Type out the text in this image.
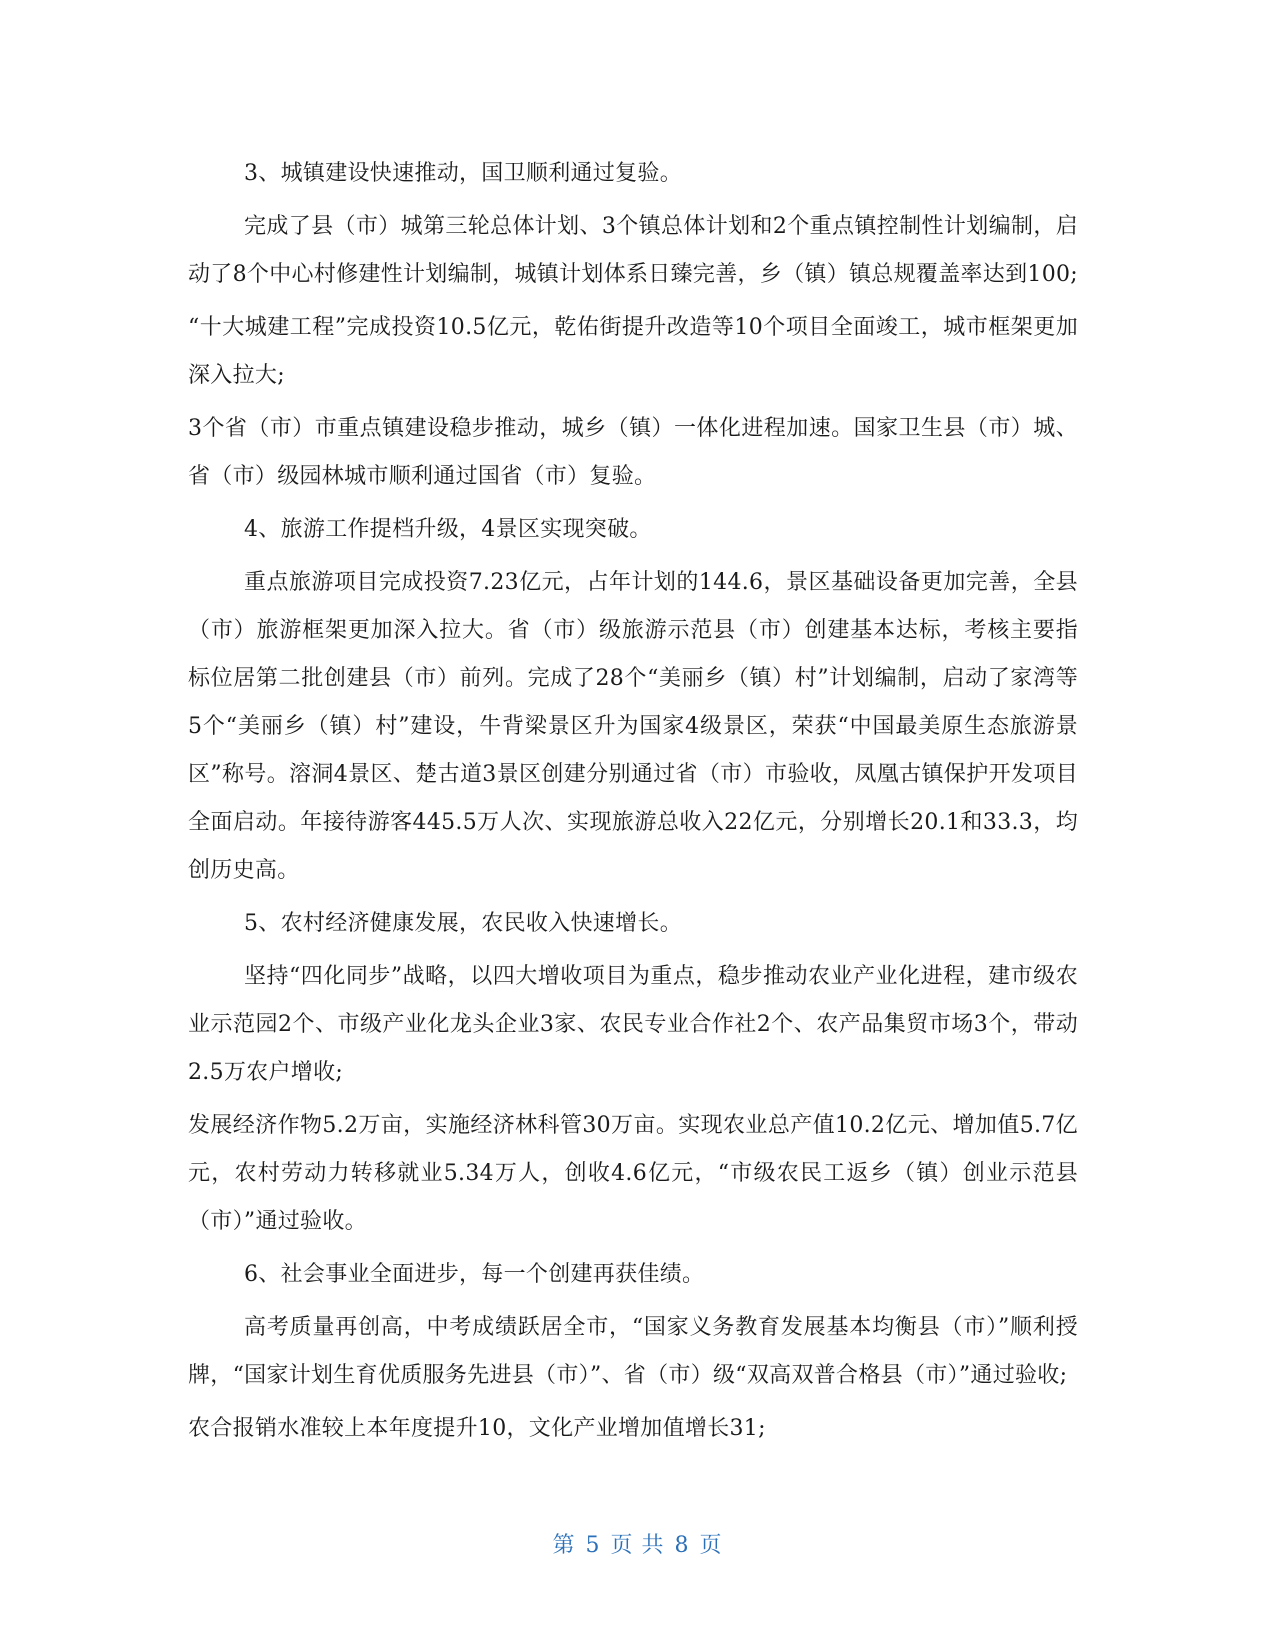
3、城镇建设快速推动，国卫顺利通过复验。

完成了县（市）城第三轮总体计划、3个镇总体计划和2个重点镇控制性计划编制，启动了8个中心村修建性计划编制，城镇计划体系日臻完善，乡（镇）镇总规覆盖率达到100;

“十大城建工程”完成投资10.5亿元，乾佑街提升改造等10个项目全面竣工，城市框架更加深入拉大;

3个省（市）市重点镇建设稳步推动，城乡（镇）一体化进程加速。国家卫生县（市）城、省（市）级园林城市顺利通过国省（市）复验。

4、旅游工作提档升级，4景区实现突破。

重点旅游项目完成投资7.23亿元，占年计划的144.6，景区基础设备更加完善，全县（市）旅游框架更加深入拉大。省（市）级旅游示范县（市）创建基本达标，考核主要指标位居第二批创建县（市）前列。完成了28个“美丽乡（镇）村”计划编制，启动了家湾等5个“美丽乡（镇）村”建设，牛背梁景区升为国家4级景区，荣获“中国最美原生态旅游景区”称号。溶洞4景区、楚古道3景区创建分别通过省（市）市验收，凤凰古镇保护开发项目全面启动。年接待游客445.5万人次、实现旅游总收入22亿元，分别增长20.1和33.3，均创历史高。

5、农村经济健康发展，农民收入快速增长。

坚持“四化同步”战略，以四大增收项目为重点，稳步推动农业产业化进程，建市级农业示范园2个、市级产业化龙头企业3家、农民专业合作社2个、农产品集贸市场3个，带动2.5万农户增收;

发展经济作物5.2万亩，实施经济林科管30万亩。实现农业总产值10.2亿元、增加值5.7亿元，农村劳动力转移就业5.34万人，创收4.6亿元，“市级农民工返乡（镇）创业示范县（市）”通过验收。

6、社会事业全面进步，每一个创建再获佳绩。

高考质量再创高，中考成绩跃居全市，“国家义务教育发展基本均衡县（市）”顺利授牌，“国家计划生育优质服务先进县（市）”、省（市）级“双高双普合格县（市）”通过验收;

农合报销水准较上本年度提升10，文化产业增加值增长31;

第 5 页 共 8 页
